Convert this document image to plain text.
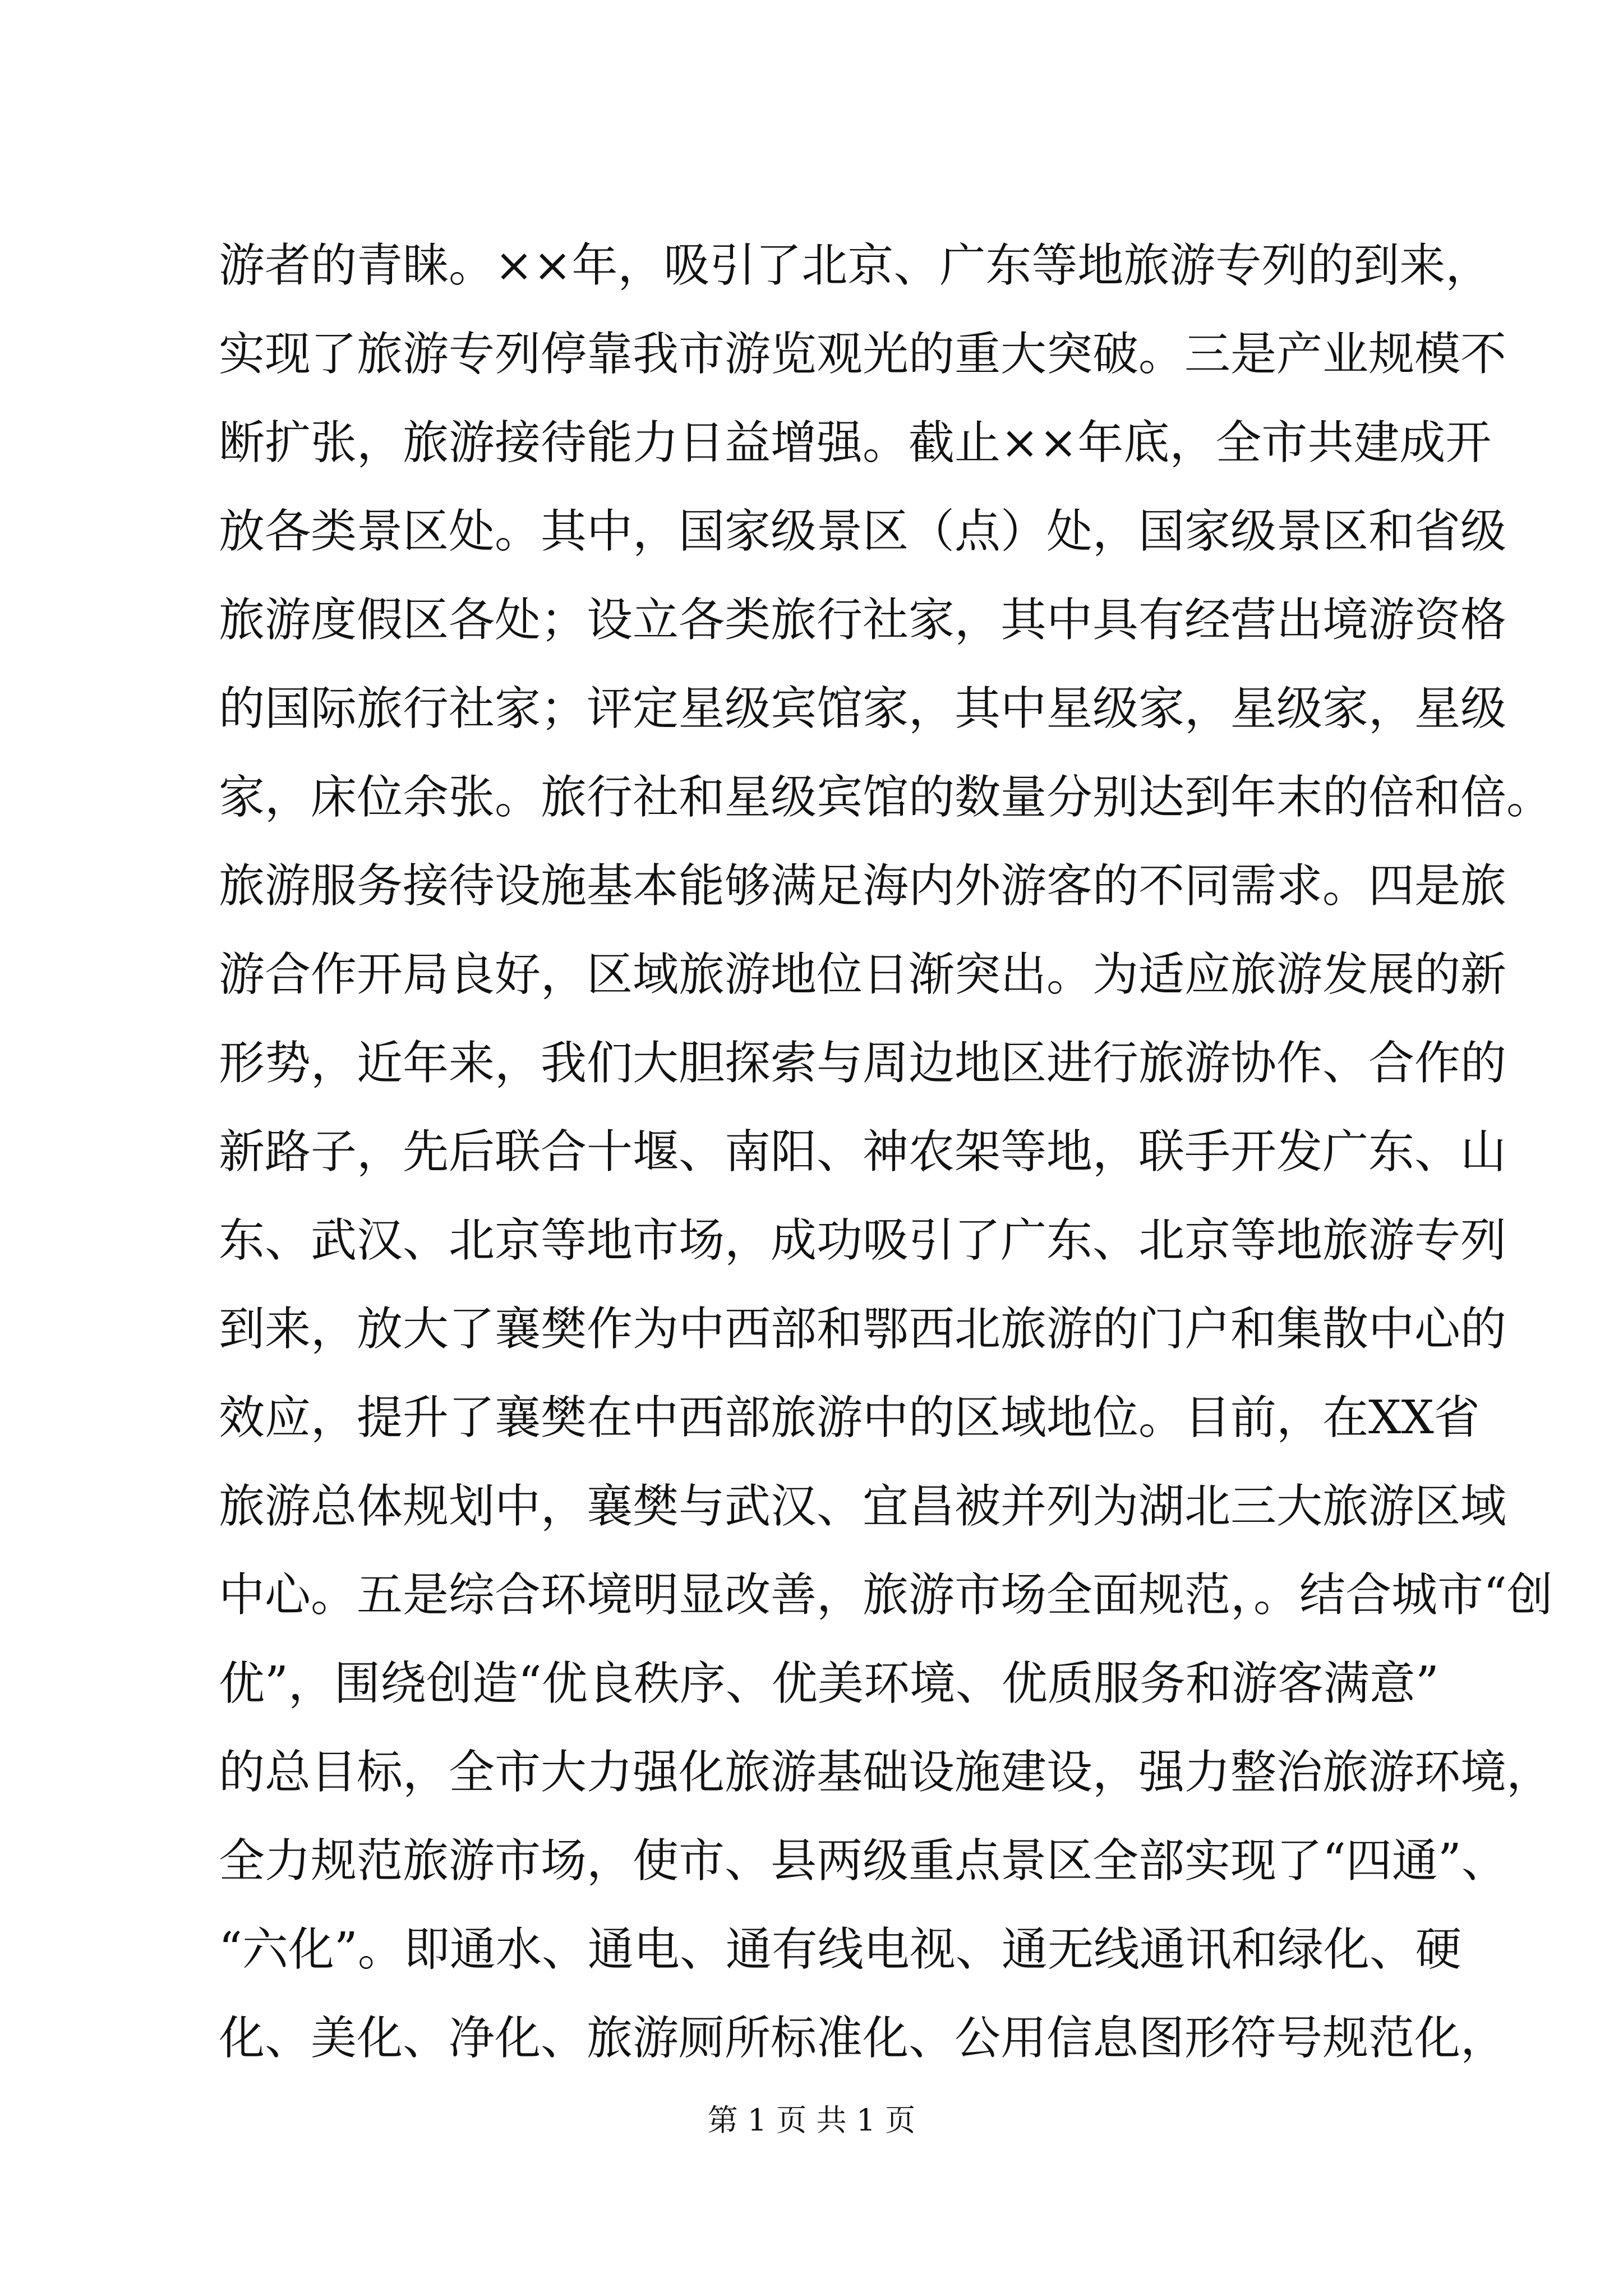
游者的青睐。××年，吸引了北京、广东等地旅游专列的到来，
实现了旅游专列停靠我市游览观光的重大突破。三是产业规模不
断扩张，旅游接待能力日益增强。截止××年底，全市共建成开
放各类景区处。其中，国家级景区（点）处，国家级景区和省级
旅游度假区各处；设立各类旅行社家，其中具有经营出境游资格
的国际旅行社家；评定星级宾馆家，其中星级家，星级家，星级
家，床位余张。旅行社和星级宾馆的数量分别达到年末的倍和倍。
旅游服务接待设施基本能够满足海内外游客的不同需求。四是旅
游合作开局良好，区域旅游地位日渐突出。为适应旅游发展的新
形势，近年来，我们大胆探索与周边地区进行旅游协作、合作的
新路子，先后联合十堰、南阳、神农架等地，联手开发广东、山
东、武汉、北京等地市场，成功吸引了广东、北京等地旅游专列
到来，放大了襄樊作为中西部和鄂西北旅游的门户和集散中心的
效应，提升了襄樊在中西部旅游中的区域地位。目前，在XX省
旅游总体规划中，襄樊与武汉、宜昌被并列为湖北三大旅游区域
中心。五是综合环境明显改善，旅游市场全面规范，。结合城市“创
优”，围绕创造“优良秩序、优美环境、优质服务和游客满意”
的总目标，全市大力强化旅游基础设施建设，强力整治旅游环境，
全力规范旅游市场，使市、县两级重点景区全部实现了“四通”、
“六化”。即通水、通电、通有线电视、通无线通讯和绿化、硬
化、美化、净化、旅游厕所标准化、公用信息图形符号规范化，
第 1 页 共 1 页
